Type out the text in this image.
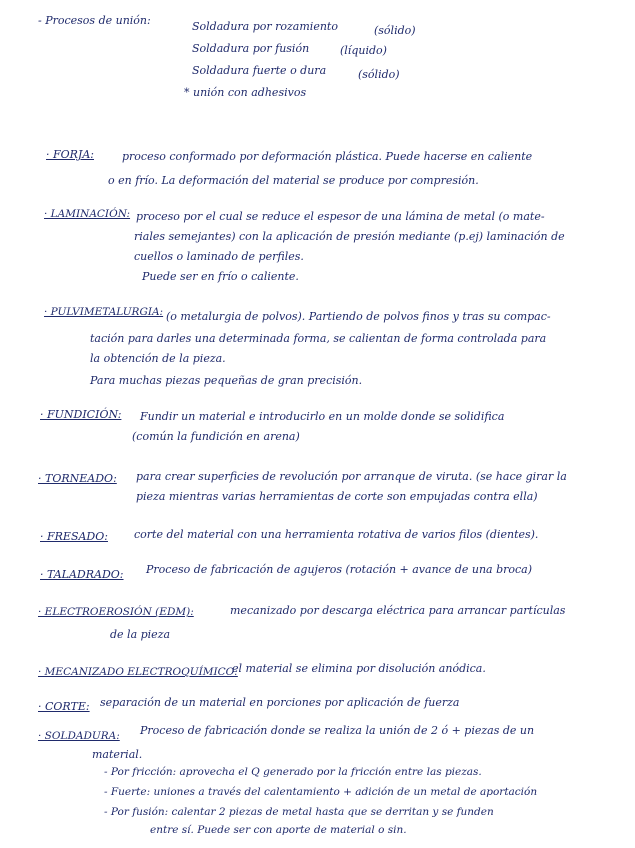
- Procesos de unión:	Soldadura por rozamiento	(sólido)
Soldadura por fusión	(líquido)
Soldadura fuerte o dura	(sólido)
* unión con adhesivos
· FORJA:	proceso conformado por deformación plástica. Puede hacerse en caliente
o en frío. La deformación del material se produce por compresión.
· LAMINACIÓN: proceso por el cual se reduce el espesor de una lámina de metal (o mate-
riales semejantes) con la aplicación de presión mediante (p.ej) laminación de
cuellos o laminado de perfiles.
Puede ser en frío o caliente.
· PULVIMETALURGIA: (o metalurgia de polvos). Partiendo de polvos finos y tras su compac-
tación para darles una determinada forma, se calientan de forma controlada para
la obtención de la pieza.
Para muchas piezas pequeñas de gran precisión.
· FUNDICIÓN: Fundir un material e introducirlo en un molde donde se solidifica
(común la fundición en arena)
· TORNEADO: para crear superficies de revolución por arranque de viruta. (se hace girar la
pieza mientras varias herramientas de corte son empujadas contra ella)
· FRESADO: corte del material con una herramienta rotativa de varios filos (dientes).
· TALADRADO: Proceso de fabricación de agujeros (rotación + avance de una broca)
· ELECTROEROSIÓN (EDM):	mecanizado por descarga eléctrica para arrancar partículas
de la pieza
· MECANIZADO ELECTROQUÍMICO:
el material se elimina por disolución anódica.
· CORTE: separación de un material en porciones por aplicación de fuerza
· SOLDADURA: Proceso de fabricación donde se realiza la unión de 2 ó + piezas de un
material.
- Por fricción: aprovecha el Q generado por la fricción entre las piezas.
- Fuerte: uniones a través del calentamiento + adición de un metal de aportación
- Por fusión: calentar 2 piezas de metal hasta que se derritan y se funden
entre sí. Puede ser con aporte de material o sin.
